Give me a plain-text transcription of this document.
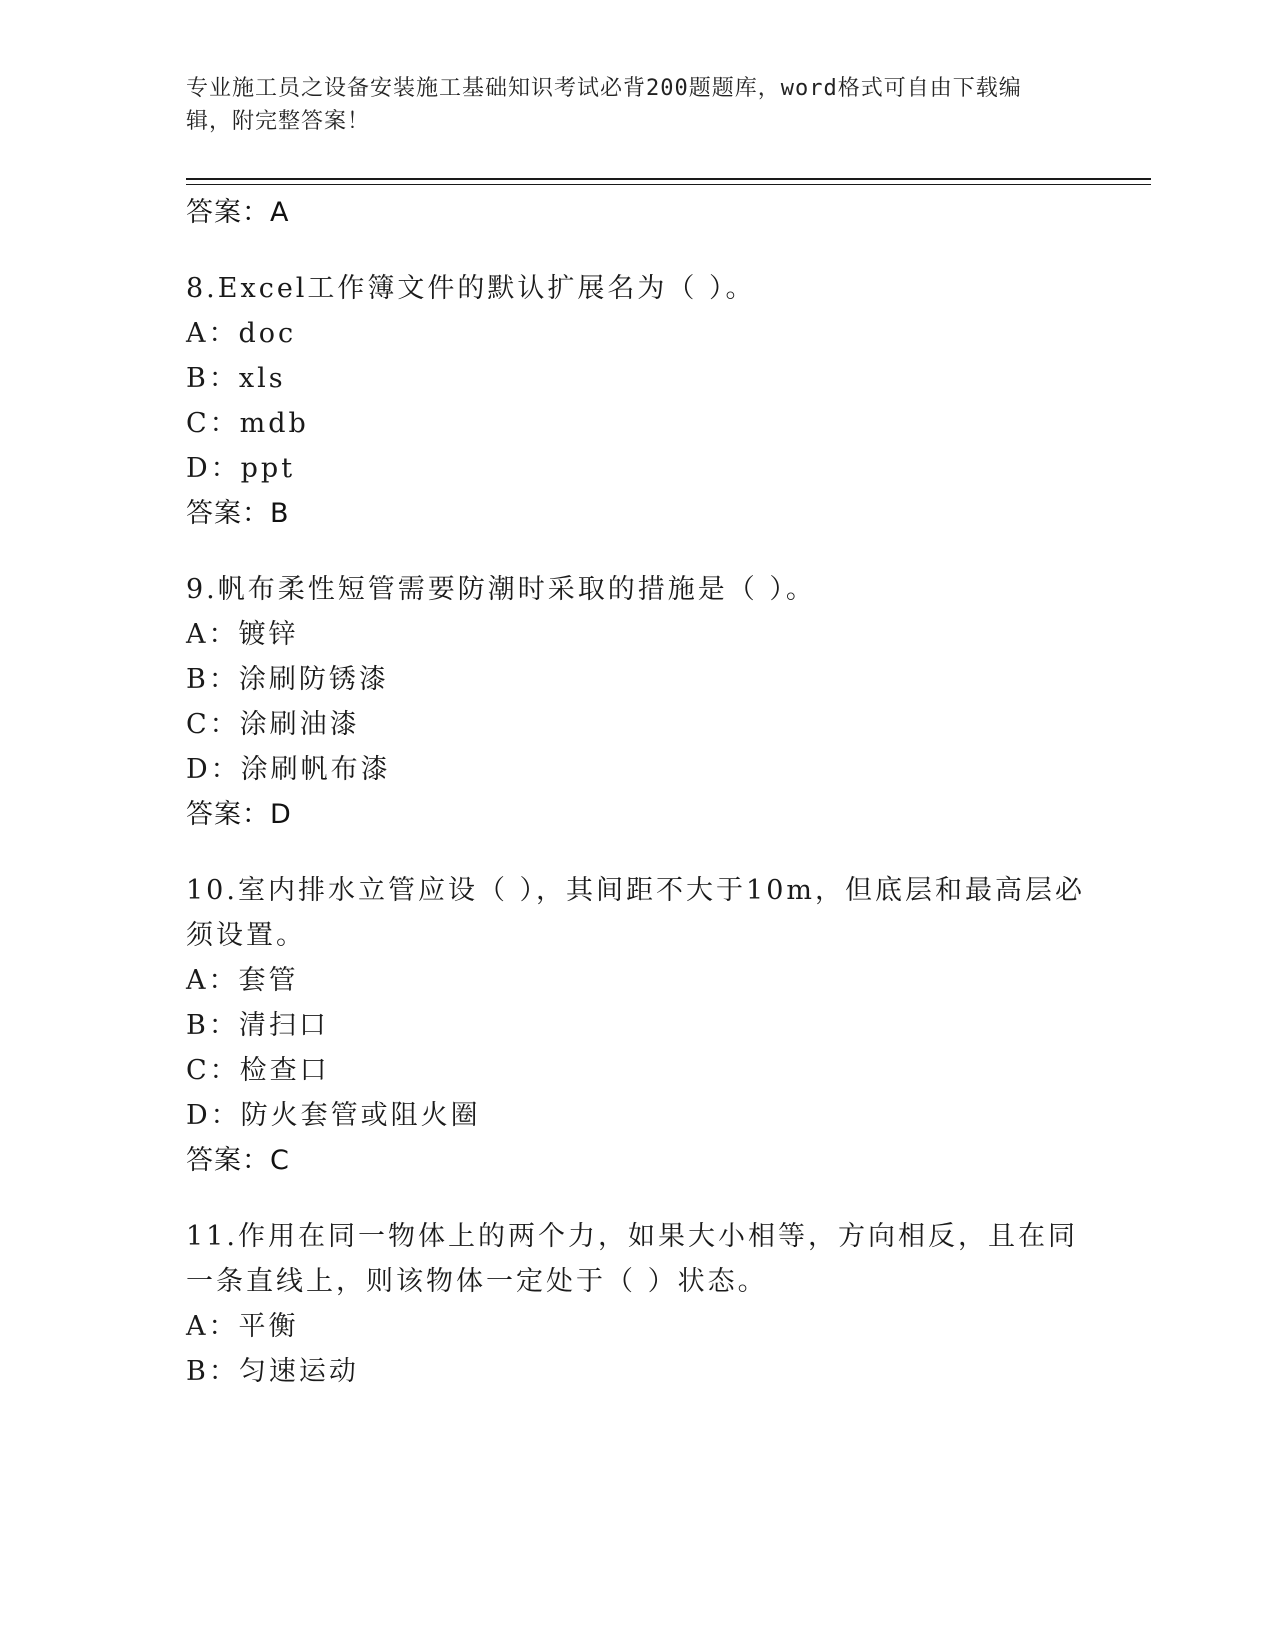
专业施工员之设备安装施工基础知识考试必背200题题库，word格式可自由下载编辑，附完整答案！

答案：A

8.Excel工作簿文件的默认扩展名为（ ）。

A：doc

B：xls

C：mdb

D：ppt

答案：B

9.帆布柔性短管需要防潮时采取的措施是（ ）。

A：镀锌

B：涂刷防锈漆

C：涂刷油漆

D：涂刷帆布漆

答案：D

10.室内排水立管应设（ ），其间距不大于10m，但底层和最高层必须设置。

A：套管

B：清扫口

C：检查口

D：防火套管或阻火圈

答案：C

11.作用在同一物体上的两个力，如果大小相等，方向相反，且在同一条直线上，则该物体一定处于（ ）状态。

A：平衡

B：匀速运动
